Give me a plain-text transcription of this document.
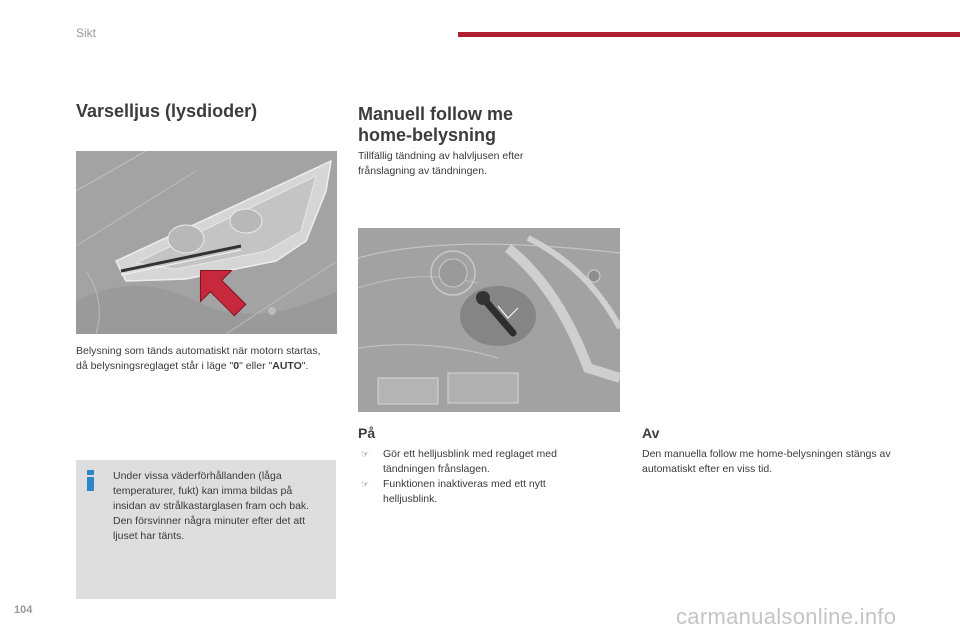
Sikt
Varselljus (lysdioder)
Belysning som tänds automatiskt när motorn startas, då belysningsreglaget står i läge "0" eller "AUTO".
Under vissa väderförhållanden (låga temperaturer, fukt) kan imma bildas på insidan av strålkastarglasen fram och bak. Den försvinner några minuter efter det att ljuset har tänts.
Manuell follow me
home-belysning
Tillfällig tändning av halvljusen efter frånslagning av tändningen.
På
☞ Gör ett helljusblink med reglaget med tändningen frånslagen.
☞ Funktionen inaktiveras med ett nytt helljusblink.
Av
Den manuella follow me home-belysningen stängs av automatiskt efter en viss tid.
104	carmanualsonline.info
